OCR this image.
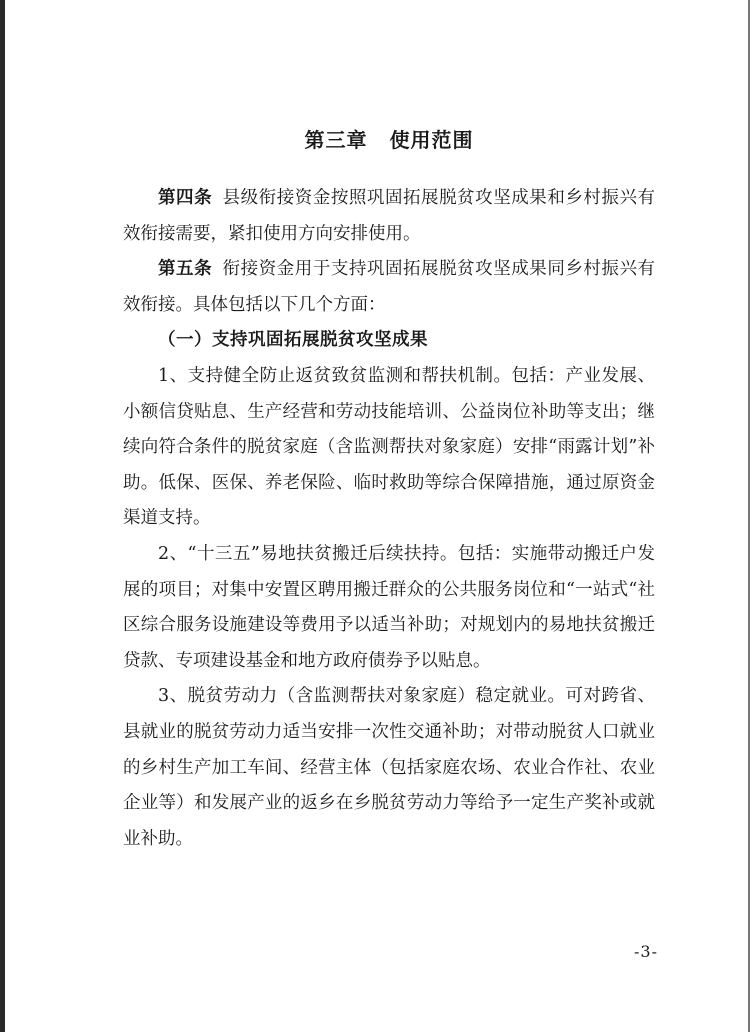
第三章 使用范围

第四条 县级衔接资金按照巩固拓展脱贫攻坚成果和乡村振兴有效衔接需要，紧扣使用方向安排使用。

第五条 衔接资金用于支持巩固拓展脱贫攻坚成果同乡村振兴有效衔接。具体包括以下几个方面：

（一）支持巩固拓展脱贫攻坚成果

1、支持健全防止返贫致贫监测和帮扶机制。包括：产业发展、小额信贷贴息、生产经营和劳动技能培训、公益岗位补助等支出；继续向符合条件的脱贫家庭（含监测帮扶对象家庭）安排“雨露计划”补助。低保、医保、养老保险、临时救助等综合保障措施，通过原资金渠道支持。

2、“十三五”易地扶贫搬迁后续扶持。包括：实施带动搬迁户发展的项目；对集中安置区聘用搬迁群众的公共服务岗位和“一站式“社区综合服务设施建设等费用予以适当补助；对规划内的易地扶贫搬迁贷款、专项建设基金和地方政府债券予以贴息。

3、脱贫劳动力（含监测帮扶对象家庭）稳定就业。可对跨省、县就业的脱贫劳动力适当安排一次性交通补助；对带动脱贫人口就业的乡村生产加工车间、经营主体（包括家庭农场、农业合作社、农业企业等）和发展产业的返乡在乡脱贫劳动力等给予一定生产奖补或就业补助。

-3-
